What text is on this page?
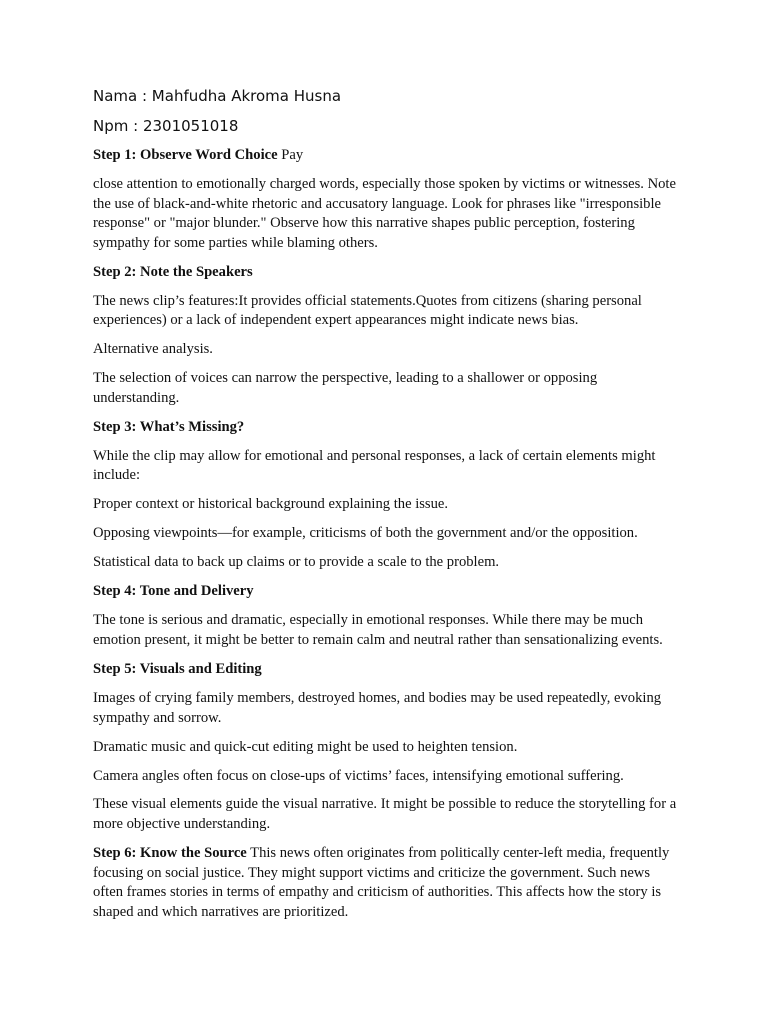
Nama : Mahfudha Akroma Husna

Npm : 2301051018

Step 1: Observe Word Choice Pay

close attention to emotionally charged words, especially those spoken by victims or witnesses. Note the use of black-and-white rhetoric and accusatory language. Look for phrases like "irresponsible response" or "major blunder." Observe how this narrative shapes public perception, fostering sympathy for some parties while blaming others.

Step 2: Note the Speakers

The news clip’s features:It provides official statements.Quotes from citizens (sharing personal experiences) or a lack of independent expert appearances might indicate news bias.

Alternative analysis.

The selection of voices can narrow the perspective, leading to a shallower or opposing understanding.

Step 3: What’s Missing?

While the clip may allow for emotional and personal responses, a lack of certain elements might include:

Proper context or historical background explaining the issue.

Opposing viewpoints—for example, criticisms of both the government and/or the opposition.

Statistical data to back up claims or to provide a scale to the problem.

Step 4: Tone and Delivery

The tone is serious and dramatic, especially in emotional responses. While there may be much emotion present, it might be better to remain calm and neutral rather than sensationalizing events.

Step 5: Visuals and Editing

Images of crying family members, destroyed homes, and bodies may be used repeatedly, evoking sympathy and sorrow.

Dramatic music and quick-cut editing might be used to heighten tension.

Camera angles often focus on close-ups of victims’ faces, intensifying emotional suffering.

These visual elements guide the visual narrative. It might be possible to reduce the storytelling for a more objective understanding.

Step 6: Know the Source This news often originates from politically center-left media, frequently focusing on social justice. They might support victims and criticize the government. Such news often frames stories in terms of empathy and criticism of authorities. This affects how the story is shaped and which narratives are prioritized.
